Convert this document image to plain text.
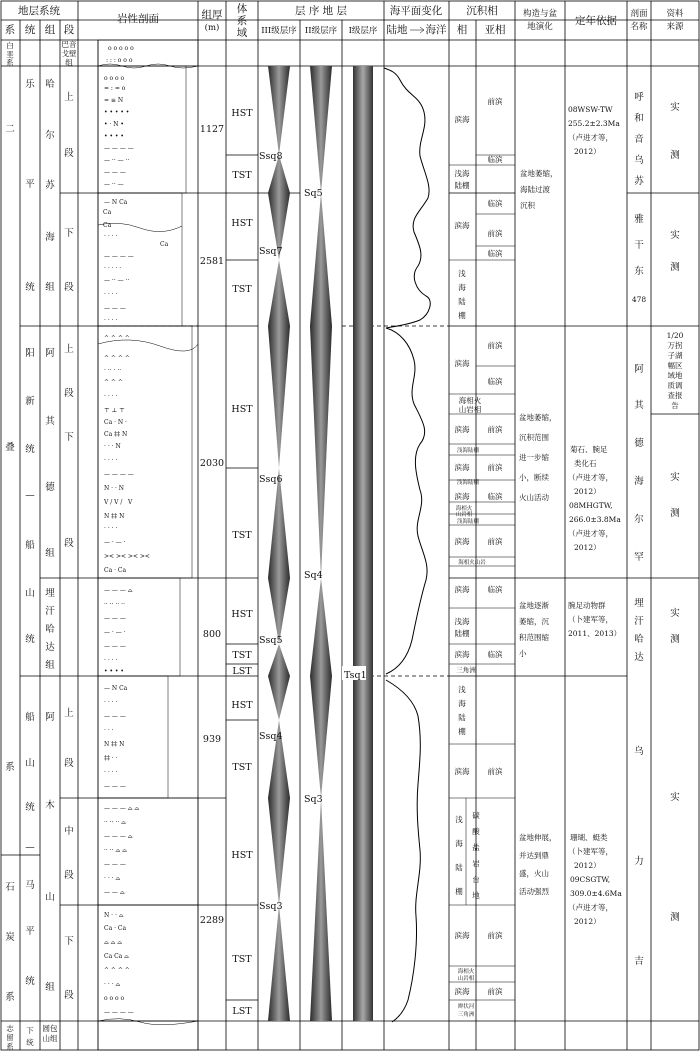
地层系统
系 统 组 段
岩性剖面	组厚
(m)
体
系
域
层 序 地 层
III级层序 II级层序 I级层序
海平面变化
陆地 海洋
沉积相
相 亚相
构造与盆
地演化 定年依据
剖面
名称
资料
来源
白
垩
系
巴音
戈壁
组
二
叠
系
石
炭
系
志
留
系
乐
平
统
阳
新
统
—
船
山
统
船
山
统
—
马
平
统
下
统
圆包
山组
哈
尔
苏
海
组
阿
其
德
组
埋
汗
哈
达
组
阿
木
山
组
上
段
下
段
上
段
下
段
上
段
中
段
下
段
o o o o o
: : : o o o
o o o o
= : = o
= ≡ N
• • • • •
• · N •
• • • •
— — — —
— ·· — ··
— — —
— ·· —
— N Ca
Ca
Ca
Ca
· · · ·
— — — —
· · · · ·
— ·· — ··
· · · ·
— — —
· · · ·
^ ^ ^ ^
^ ^ ^ ^
· ·· · ··
^ ^ ^
· · · ·
⊤ ⊥ ⊤
Ca · N ·
Ca ‡‡ N
· · · N
· · · ·
— — — —
N · · N
V / V /
N ‡‡ N
· · · ·
— · — ·
>< >< >< ><
Ca · Ca
V
— — — ⌓
·· ·· ·· ··
— — —
— · — ·
— — —
· · · ·
• • • •
— N Ca
· · · ·
— — —
· · ·
N ‡‡ N
‡‡ · ·
· · · ·
— — —
— — — ⌓ ⌓
·· ·· ·· ⌓
— — — ⌓
·· ·· ⌓ ⌓
— — —
· · · ⌓
— — ⌓
N · · ⌓
Ca · Ca
⌓ ⌓ ⌓
Ca Ca ⌓
^ ^ ^ ^
· · · ⌓
o o o o
— — — —
1127
2581
2030
800
939
2289
HST
TST
HST
TST
HST
TST
HST
TST
LST
HST
TST
HST
TST
LST
Ssq8
Ssq7
Ssq6
Ssq5
Ssq4
Ssq3
Sq5
Sq4
Sq3
Tsq1
滨海
前滨
临滨
浅海
陆棚
临滨
滨海
前滨
临滨
浅
海
陆
棚
滨海
前滨
临滨
海相火
山岩相
滨海 前滨
浅海陆棚
滨海 前滨
浅海陆棚
滨海 临滨
海相火
山岩相
浅海陆棚
滨海 前滨
海相火山岩
滨海 临滨
浅海
陆棚
滨海 临滨
三角洲
浅
海
陆
棚
滨海 前滨
浅
海
陆
棚
碳
酸
盐
岩
台
地
滨海 前滨
海相火
山岩相
滨海 前滨
辫状河
三角洲
盆地萎缩，
海陆过渡
沉积
盆地萎缩，
沉积范围
进一步缩
小，断续
火山活动
盆地逐渐
萎缩，沉
积范围缩
小
盆地伸展，
并达到鼎
盛，火山
活动强烈
08WSW-TW
255.2±2.3Ma
（卢进才等，
2012）
菊石、腕足
类化石
（卢进才等，
2012）
08MHGTW,
266.0±3.8Ma
（卢进才等，
2012）
腕足动物群
（卜建军等，
2011、2013）
珊瑚、蜓类
（卜建军等，
2012）
09CSGTW,
309.0±4.6Ma
（卢进才等，
2012）
呼
和
音
乌
苏
雅
干
东
478
阿
其
德
海
尔
罕
埋
汗
哈
达
乌
力
吉
实
测
实
测
1/20
万拐
子湖
幅区
域地
质调
查报
告
实
测
实
测
实
测
